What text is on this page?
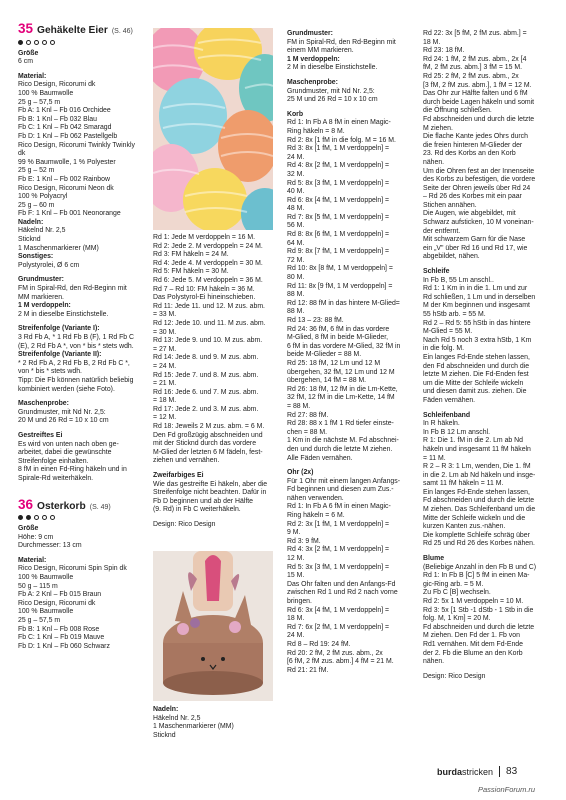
35 Gehäkelte Eier (S. 46)

Größe

6 cm

Material:

Rico Design, Ricorumi dk

100 % Baumwolle

25 g – 57,5 m

Fb A: 1 Knl – Fb 016 Orchidee

Fb B: 1 Knl – Fb 032 Blau

Fb C: 1 Knl – Fb 042 Smaragd

Fb D: 1 Knl – Fb 062 Pastellgelb

Rico Design, Ricorumi Twinkly Twinkly dk

99 % Baumwolle, 1 % Polyester

25 g – 52 m

Fb E: 1 Knl – Fb 002 Rainbow

Rico Design, Ricorumi Neon dk

100 % Polyacryl

25 g – 60 m

Fb F: 1 Knl – Fb 001 Neonorange

Nadeln:

Häkelnd Nr. 2,5

Sticknd

1 Maschenmarkierer (MM)

Sonstiges:

Polystyrolei, Ø 6 cm

Grundmuster:

FM in Spiral-Rd, den Rd-Beginn mit

MM markieren.

1 M verdoppeln:

2 M in dieselbe Einstichstelle.

Streifenfolge (Variante I):

3 Rd Fb A, * 1 Rd Fb B (F), 1 Rd Fb C

(E), 2 Rd Fb A *, von * bis * stets wdh.

Streifenfolge (Variante II):

* 2 Rd Fb A, 2 Rd Fb B, 2 Rd Fb C *,

von * bis * stets wdh.

Tipp: Die Fb können natürlich beliebig

kombiniert werden (siehe Foto).

Maschenprobe:

Grundmuster, mit Nd Nr. 2,5:

20 M und 26 Rd = 10 x 10 cm

Gestreiftes Ei

Es wird von unten nach oben ge-

arbeitet, dabei die gewünschte

Streifenfolge einhalten.

8 fM in einen Fd-Ring häkeln und in

Spirale-Rd weiterhäkeln.

36 Osterkorb (S. 49)

Größe

Höhe: 9 cm

Durchmesser: 13 cm

Material:

Rico Design, Ricorumi Spin Spin dk

100 % Baumwolle

50 g – 115 m

Fb A: 2 Knl – Fb 015 Braun

Rico Design, Ricorumi dk

100 % Baumwolle

25 g – 57,5 m

Fb B: 1 Knl – Fb 008 Rose

Fb C: 1 Knl – Fb 019 Mauve

Fb D: 1 Knl – Fb 060 Schwarz

Rd 1: Jede M verdoppeln = 16 M.

Rd 2: Jede 2. M verdoppeln = 24 M.

Rd 3: FM häkeln = 24 M.

Rd 4: Jede 4. M verdoppeln = 30 M.

Rd 5: FM häkeln = 30 M.

Rd 6: Jede 5. M verdoppeln = 36 M.

Rd 7 – Rd 10: FM häkeln = 36 M.

Das Polystyrol-Ei hineinschieben.

Rd 11: Jede 11. und 12. M zus. abm.

= 33 M.

Rd 12: Jede 10. und 11. M zus. abm.

= 30 M.

Rd 13: Jede 9. und 10. M zus. abm.

= 27 M.

Rd 14: Jede 8. und 9. M zus. abm.

= 24 M.

Rd 15: Jede 7. und 8. M zus. abm.

= 21 M.

Rd 16: Jede 6. und 7. M zus. abm.

= 18 M.

Rd 17: Jede 2. und 3. M zus. abm.

= 12 M.

Rd 18: Jeweils 2 M zus. abm. = 6 M.

Den Fd großzügig abschneiden und

mit der Sticknd durch das vordere

M-Glied der letzten 6 M fädeln, fest-

ziehen und vernähen.

Zweifarbiges Ei

Wie das gestreifte Ei häkeln, aber die

Streifenfolge nicht beachten. Dafür in

Fb D beginnen und ab der Hälfte

(9. Rd) in Fb C weiterhäkeln.

Design: Rico Design

Nadeln:

Häkelnd Nr. 2,5

1 Maschenmarkierer (MM)

Sticknd

Grundmuster:

FM in Spiral-Rd, den Rd-Beginn mit

einem MM markieren.

1 M verdoppeln:

2 M in dieselbe Einstichstelle.

Maschenprobe:

Grundmuster, mit Nd Nr. 2,5:

25 M und 26 Rd = 10 x 10 cm

Korb

Rd 1: In Fb A 8 fM in einen Magic-

Ring häkeln = 8 M.

Rd 2: 8x [1 fM in die folg. M = 16 M.

Rd 3: 8x [1 fM, 1 M verdoppeln] =

24 M.

Rd 4: 8x [2 fM, 1 M verdoppeln] =

32 M.

Rd 5: 8x [3 fM, 1 M verdoppeln] =

40 M.

Rd 6: 8x [4 fM, 1 M verdoppeln] =

48 M.

Rd 7: 8x [5 fM, 1 M verdoppeln] =

56 M.

Rd 8: 8x [6 fM, 1 M verdoppeln] =

64 M.

Rd 9: 8x [7 fM, 1 M verdoppeln] =

72 M.

Rd 10: 8x [8 fM, 1 M verdoppeln] =

80 M.

Rd 11: 8x [9 fM, 1 M verdoppeln] =

88 M.

Rd 12: 88 fM in das hintere M-Glied=

88 M.

Rd 13 – 23: 88 fM.

Rd 24: 36 fM, 6 fM in das vordere

M-Glied, 8 fM in beide M-Glieder,

6 fM in das vordere M-Glied, 32 fM in

beide M-Glieder = 88 M.

Rd 25: 18 fM, 12 Lm und 12 M

übergehen, 32 fM, 12 Lm und 12 M

übergehen, 14 fM = 88 M.

Rd 26: 18 fM, 12 fM in die Lm-Kette,

32 fM, 12 fM in die Lm-Kette, 14 fM

= 88 M.

Rd 27: 88 fM.

Rd 28: 88 x 1 fM 1 Rd tiefer einste-

chen = 88 M.

1 Km in die nächste M. Fd abschnei-

den und durch die letzte M ziehen.

Alle Fäden vernähen.

Ohr (2x)

Für 1 Ohr mit einem langen Anfangs-

Fd beginnen und diesen zum Zus.-

nähen verwenden.

Rd 1: In Fb A 6 fM in einen Magic-

Ring häkeln = 6 M.

Rd 2: 3x [1 fM, 1 M verdoppeln] =

9 M.

Rd 3: 9 fM.

Rd 4: 3x [2 fM, 1 M verdoppeln] =

12 M.

Rd 5: 3x [3 fM, 1 M verdoppeln] =

15 M.

Das Ohr falten und den Anfangs-Fd

zwischen Rd 1 und Rd 2 nach vorne

bringen.

Rd 6: 3x [4 fM, 1 M verdoppeln] =

18 M.

Rd 7: 6x [2 fM, 1 M verdoppeln] =

24 M.

Rd 8 – Rd 19: 24 fM.

Rd 20: 2 fM, 2 fM zus. abm., 2x

[6 fM, 2 fM zus. abm.] 4 fM = 21 M.

Rd 21: 21 fM.

Rd 22: 3x [5 fM, 2 fM zus. abm.] =

18 M.

Rd 23: 18 fM.

Rd 24: 1 fM, 2 fM zus. abm., 2x [4

fM, 2 fM zus. abm.] 3 fM = 15 M.

Rd 25: 2 fM, 2 fM zus. abm., 2x

[3 fM, 2 fM zus. abm.], 1 fM = 12 M.

Das Ohr zur Hälfte falten und 6 fM

durch beide Lagen häkeln und somit

die Öffnung schließen.

Fd abschneiden und durch die letzte

M ziehen.

Die flache Kante jedes Ohrs durch

die freien hinteren M-Glieder der

23. Rd des Korbs an den Korb

nähen.

Um die Ohren fest an der Innenseite

des Korbs zu befestigen, die vordere

Seite der Ohren jeweils über Rd 24

– Rd 26 des Korbes mit ein paar

Stichen annähen.

Die Augen, wie abgebildet, mit

Schwarz aufsticken, 10 M voneinan-

der entfernt.

Mit schwarzem Garn für die Nase

ein „V" über Rd 16 und Rd 17, wie

abgebildet, nähen.

Schleife

In Fb B, 55 Lm anschl..

Rd 1: 1 Km in in die 1. Lm und zur

Rd schließen, 1 Lm und in derselben

M der Km beginnen und insgesamt

55 hStb arb. = 55 M.

Rd 2 – Rd 5: 55 hStb in das hintere

M-Glied = 55 M.

Nach Rd 5 noch 3 extra hStb, 1 Km

in die folg. M.

Ein langes Fd-Ende stehen lassen,

den Fd abschneiden und durch die

letzte M ziehen. Die Fd-Enden fest

um die Mitte der Schleife wickeln

und diesen damit zus. ziehen. Die

Fäden vernähen.

Schleifenband

In R häkeln.

In Fb B 12 Lm anschl.

R 1: Die 1. fM in die 2. Lm ab Nd

häkeln und insgesamt 11 fM häkeln

= 11 M.

R 2 – R 3: 1 Lm, wenden, Die 1. fM

in die 2. Lm ab Nd häkeln und insge-

samt 11 fM häkeln = 11 M.

Ein langes Fd-Ende stehen lassen,

Fd abschneiden und durch die letzte

M ziehen. Das Schleifenband um die

Mitte der Schleife wickeln und die

kurzen Kanten zus.-nähen.

Die komplette Schleife schräg über

Rd 25 und Rd 26 des Korbes nähen.

Blume

(Beliebige Anzahl in den Fb B und C)

Rd 1: In Fb B [C] 5 fM in einen Ma-

gic-Ring arb. = 5 M.

Zu Fb C [B] wechseln.

Rd 2: 5x 1 M verdoppeln = 10 M.

Rd 3: 5x [1 Stb -1 dStb - 1 Stb in die

folg. M, 1 Km] = 20 M.

Fd abschneiden und durch die letzte

M ziehen. Den Fd der 1. Fb von

Rd1 vernähen. Mit dem Fd-Ende

der 2. Fb die Blume an den Korb

nähen.

Design: Rico Design

burdastricken 83
PassionForum.ru
